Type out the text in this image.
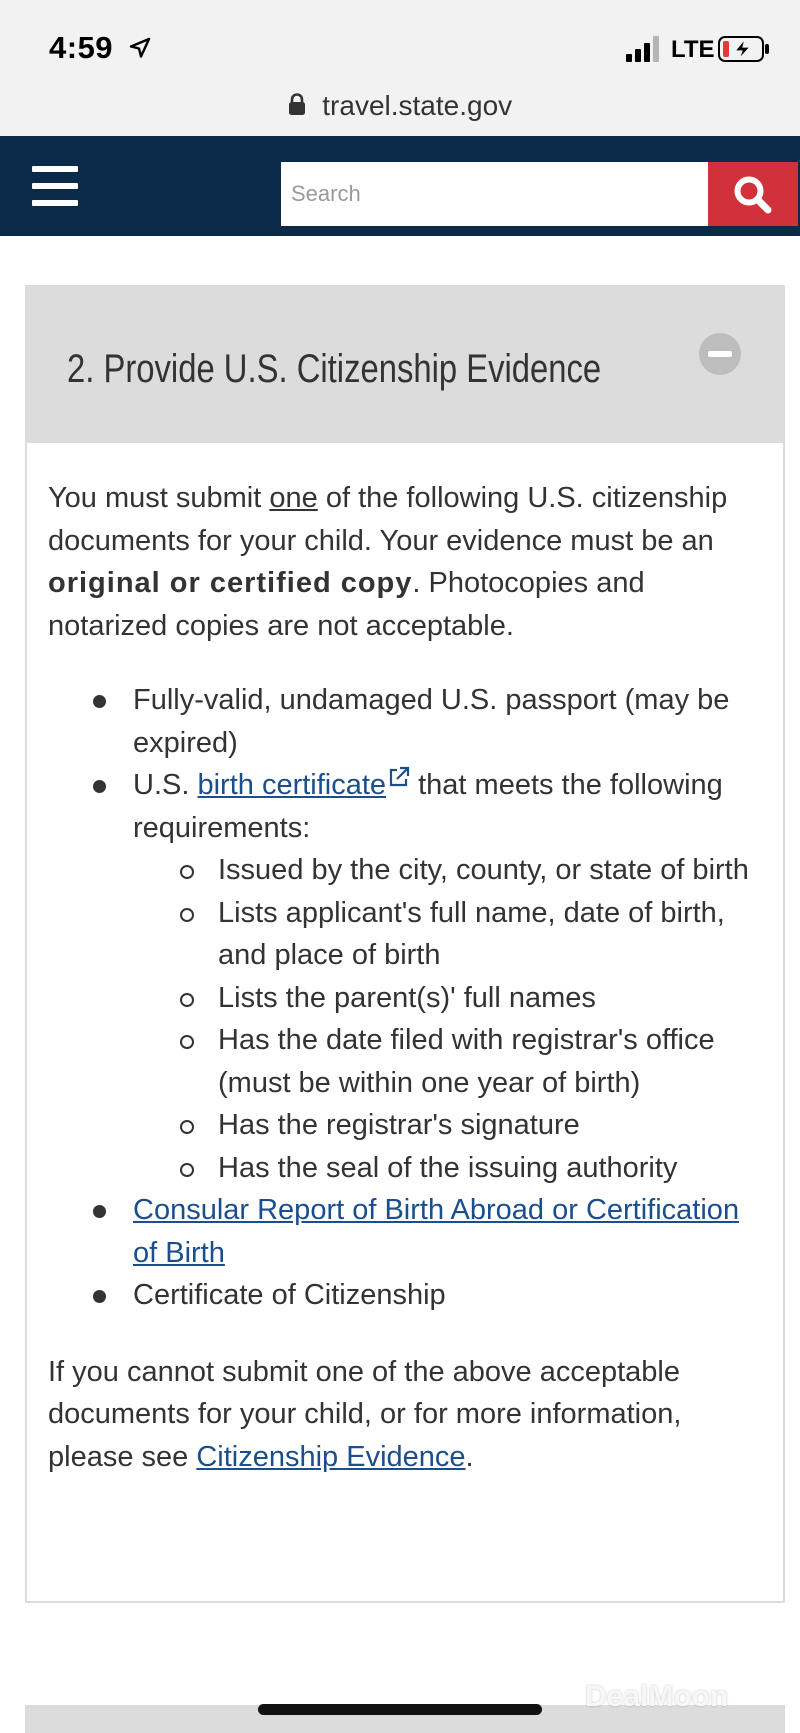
4:59	LTE
travel.state.gov
Search
2. Provide U.S. Citizenship Evidence

You must submit one of the following U.S. citizenship documents for your child. Your evidence must be an original or certified copy. Photocopies and notarized copies are not acceptable.

Fully-valid, undamaged U.S. passport (may be expired)
U.S. birth certificate that meets the following requirements:
Issued by the city, county, or state of birth
Lists applicant's full name, date of birth, and place of birth
Lists the parent(s)' full names
Has the date filed with registrar's office (must be within one year of birth)
Has the registrar's signature
Has the seal of the issuing authority
Consular Report of Birth Abroad or Certification of Birth
Certificate of Citizenship

If you cannot submit one of the above acceptable documents for your child, or for more information, please see Citizenship Evidence.

DealMoon
